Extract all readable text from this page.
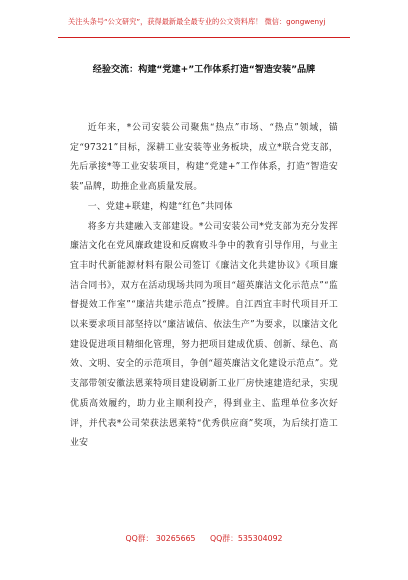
关注头条号“公文研究”，获得最新最全最专业的公文资料库！ 微信：gongwenyj
经验交流：构建“党建+”工作体系打造“智造安装”品牌

近年来，*公司安装公司聚焦“热点”市场、“热点”领域，锚定“97321”目标，深耕工业安装等业务板块，成立*联合党支部，先后承接*等工业安装项目，构建“党建+”工作体系，打造“智造安装”品牌，助推企业高质量发展。

一、党建+联建，构建“红色”共同体

将多方共建融入支部建设。*公司安装公司*党支部为充分发挥廉洁文化在党风廉政建设和反腐败斗争中的教育引导作用，与业主宜丰时代新能源材料有限公司签订《廉洁文化共建协议》《项目廉洁合同书》，双方在活动现场共同为项目“超英廉洁文化示范点”“监督提效工作室”“廉洁共建示范点”授牌。自江西宜丰时代项目开工以来要求项目部坚持以“廉洁诚信、依法生产”为要求，以廉洁文化建设促进项目精细化管理，努力把项目建成优质、创新、绿色、高效、文明、安全的示范项目，争创“超英廉洁文化建设示范点”。党支部带领安徽法恩莱特项目建设刷新工业厂房快速建造纪录，实现优质高效履约，助力业主顺利投产，得到业主、监理单位多次好评，并代表*公司荣获法恩莱特“优秀供应商”奖项，为后续打造工业安

QQ群： 30265665 QQ群：535304092
